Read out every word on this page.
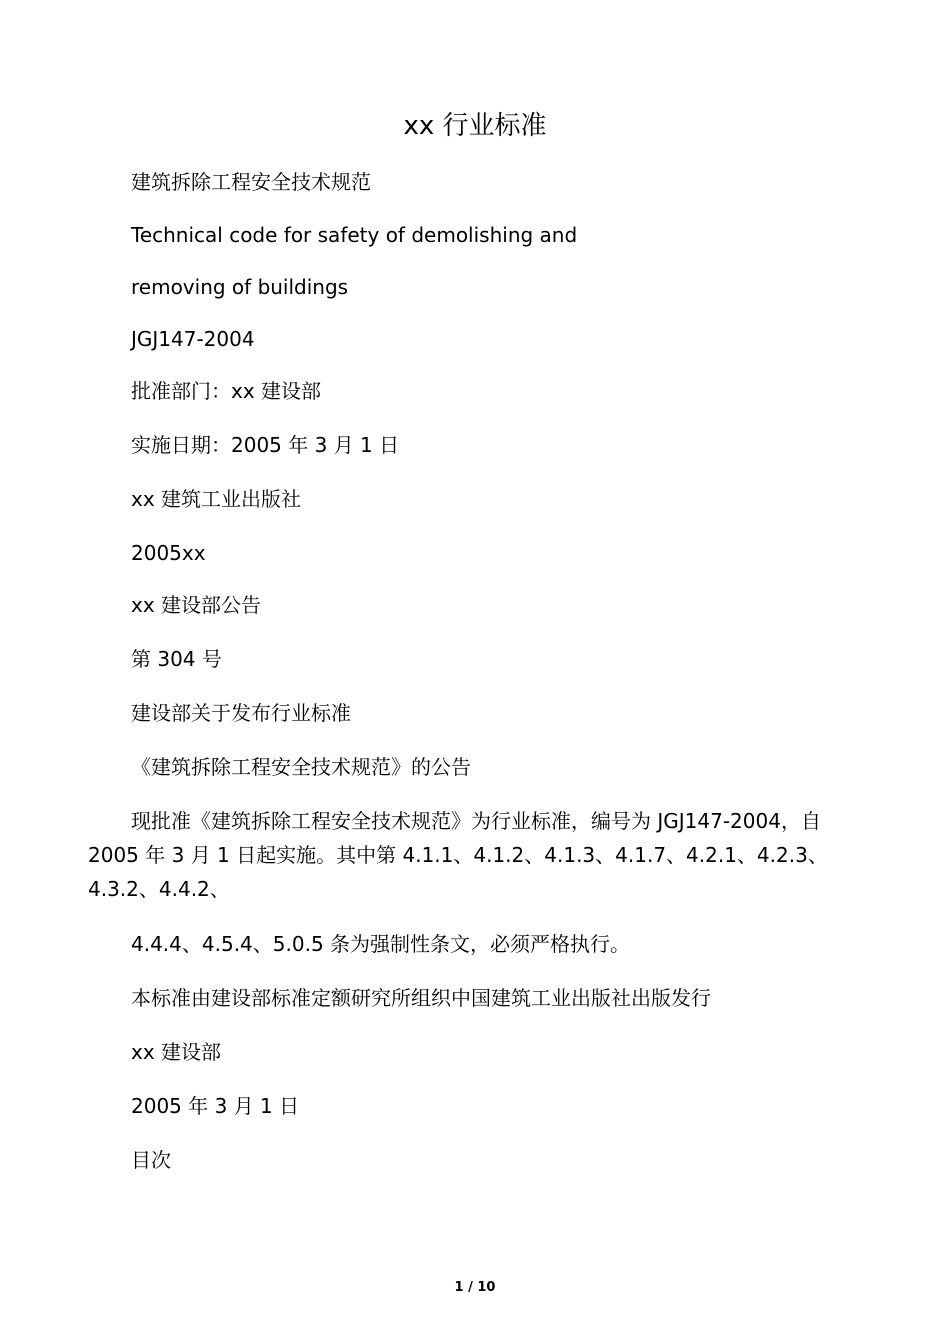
xx 行业标准
建筑拆除工程安全技术规范
Technical code for safety of demolishing and
removing of buildings
JGJ147-2004
批准部门：xx 建设部
实施日期：2005 年 3 月 1 日
xx 建筑工业出版社
2005xx
xx 建设部公告
第 304 号
建设部关于发布行业标准
《建筑拆除工程安全技术规范》的公告
现批准《建筑拆除工程安全技术规范》为行业标准，编号为 JGJ147-2004，自 2005 年 3 月 1 日起实施。其中第 4.1.1、4.1.2、4.1.3、4.1.7、4.2.1、4.2.3、4.3.2、4.4.2、
4.4.4、4.5.4、5.0.5 条为强制性条文，必须严格执行。
本标准由建设部标准定额研究所组织中国建筑工业出版社出版发行
xx 建设部
2005 年 3 月 1 日
目次
1 / 10
